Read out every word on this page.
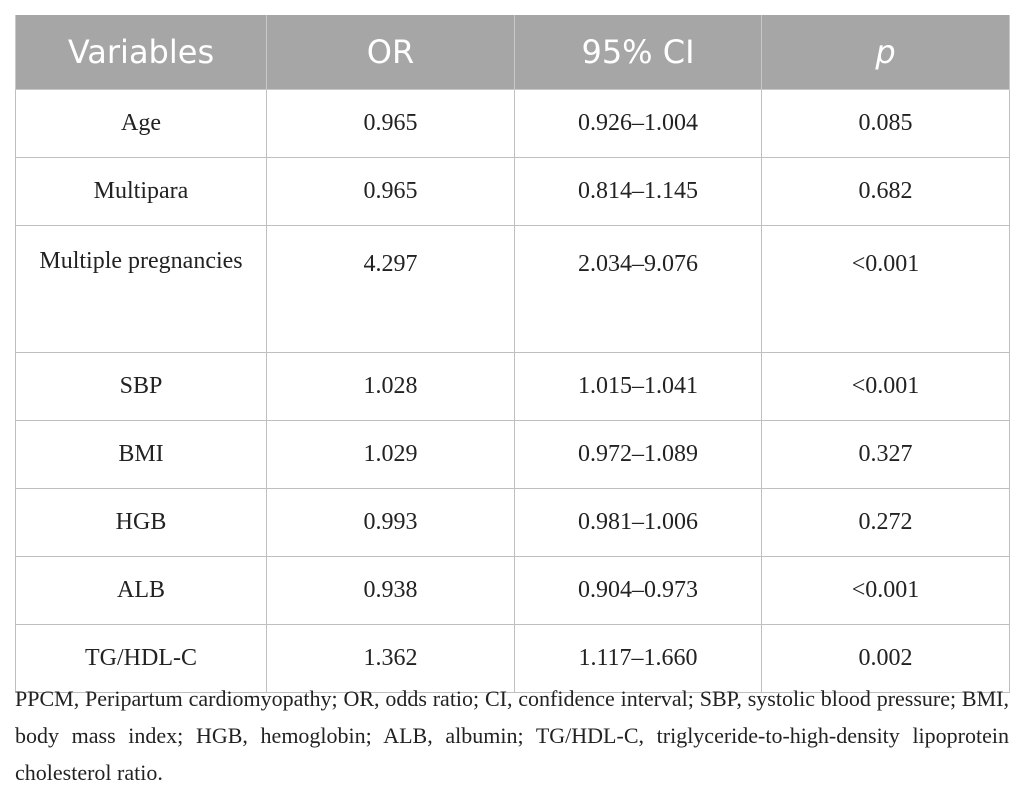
Variables	OR	95% CI	p
Age	0.965	0.926–1.004	0.085
Multipara	0.965	0.814–1.145	0.682
Multiple pregnancies	4.297	2.034–9.076	<0.001
SBP	1.028	1.015–1.041	<0.001
BMI	1.029	0.972–1.089	0.327
HGB	0.993	0.981–1.006	0.272
ALB	0.938	0.904–0.973	<0.001
TG/HDL-C	1.362	1.117–1.660	0.002

PPCM, Peripartum cardiomyopathy; OR, odds ratio; CI, confidence interval; SBP, systolic blood pressure; BMI, body mass index; HGB, hemoglobin; ALB, albumin; TG/HDL-C, triglyceride-to-high-density lipoprotein cholesterol ratio.
